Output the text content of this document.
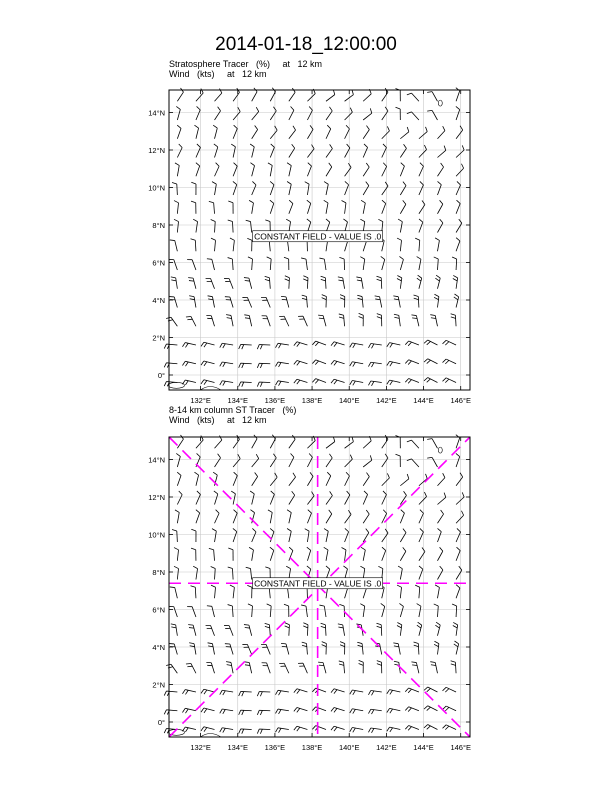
2014-01-18_12:00:00
Stratosphere Tracer   (%)     at   12 km
Wind   (kts)     at   12 km
8-14 km column ST Tracer   (%)
Wind   (kts)     at   12 km
CONSTANT FIELD - VALUE IS .0
132°E 134°E 136°E 138°E 140°E 142°E 144°E 146°E
0°
2°N
4°N
6°N
8°N
10°N
12°N
14°N
CONSTANT FIELD - VALUE IS .0
132°E 134°E 136°E 138°E 140°E 142°E 144°E 146°E
0°
2°N
4°N
6°N
8°N
10°N
12°N
14°N
